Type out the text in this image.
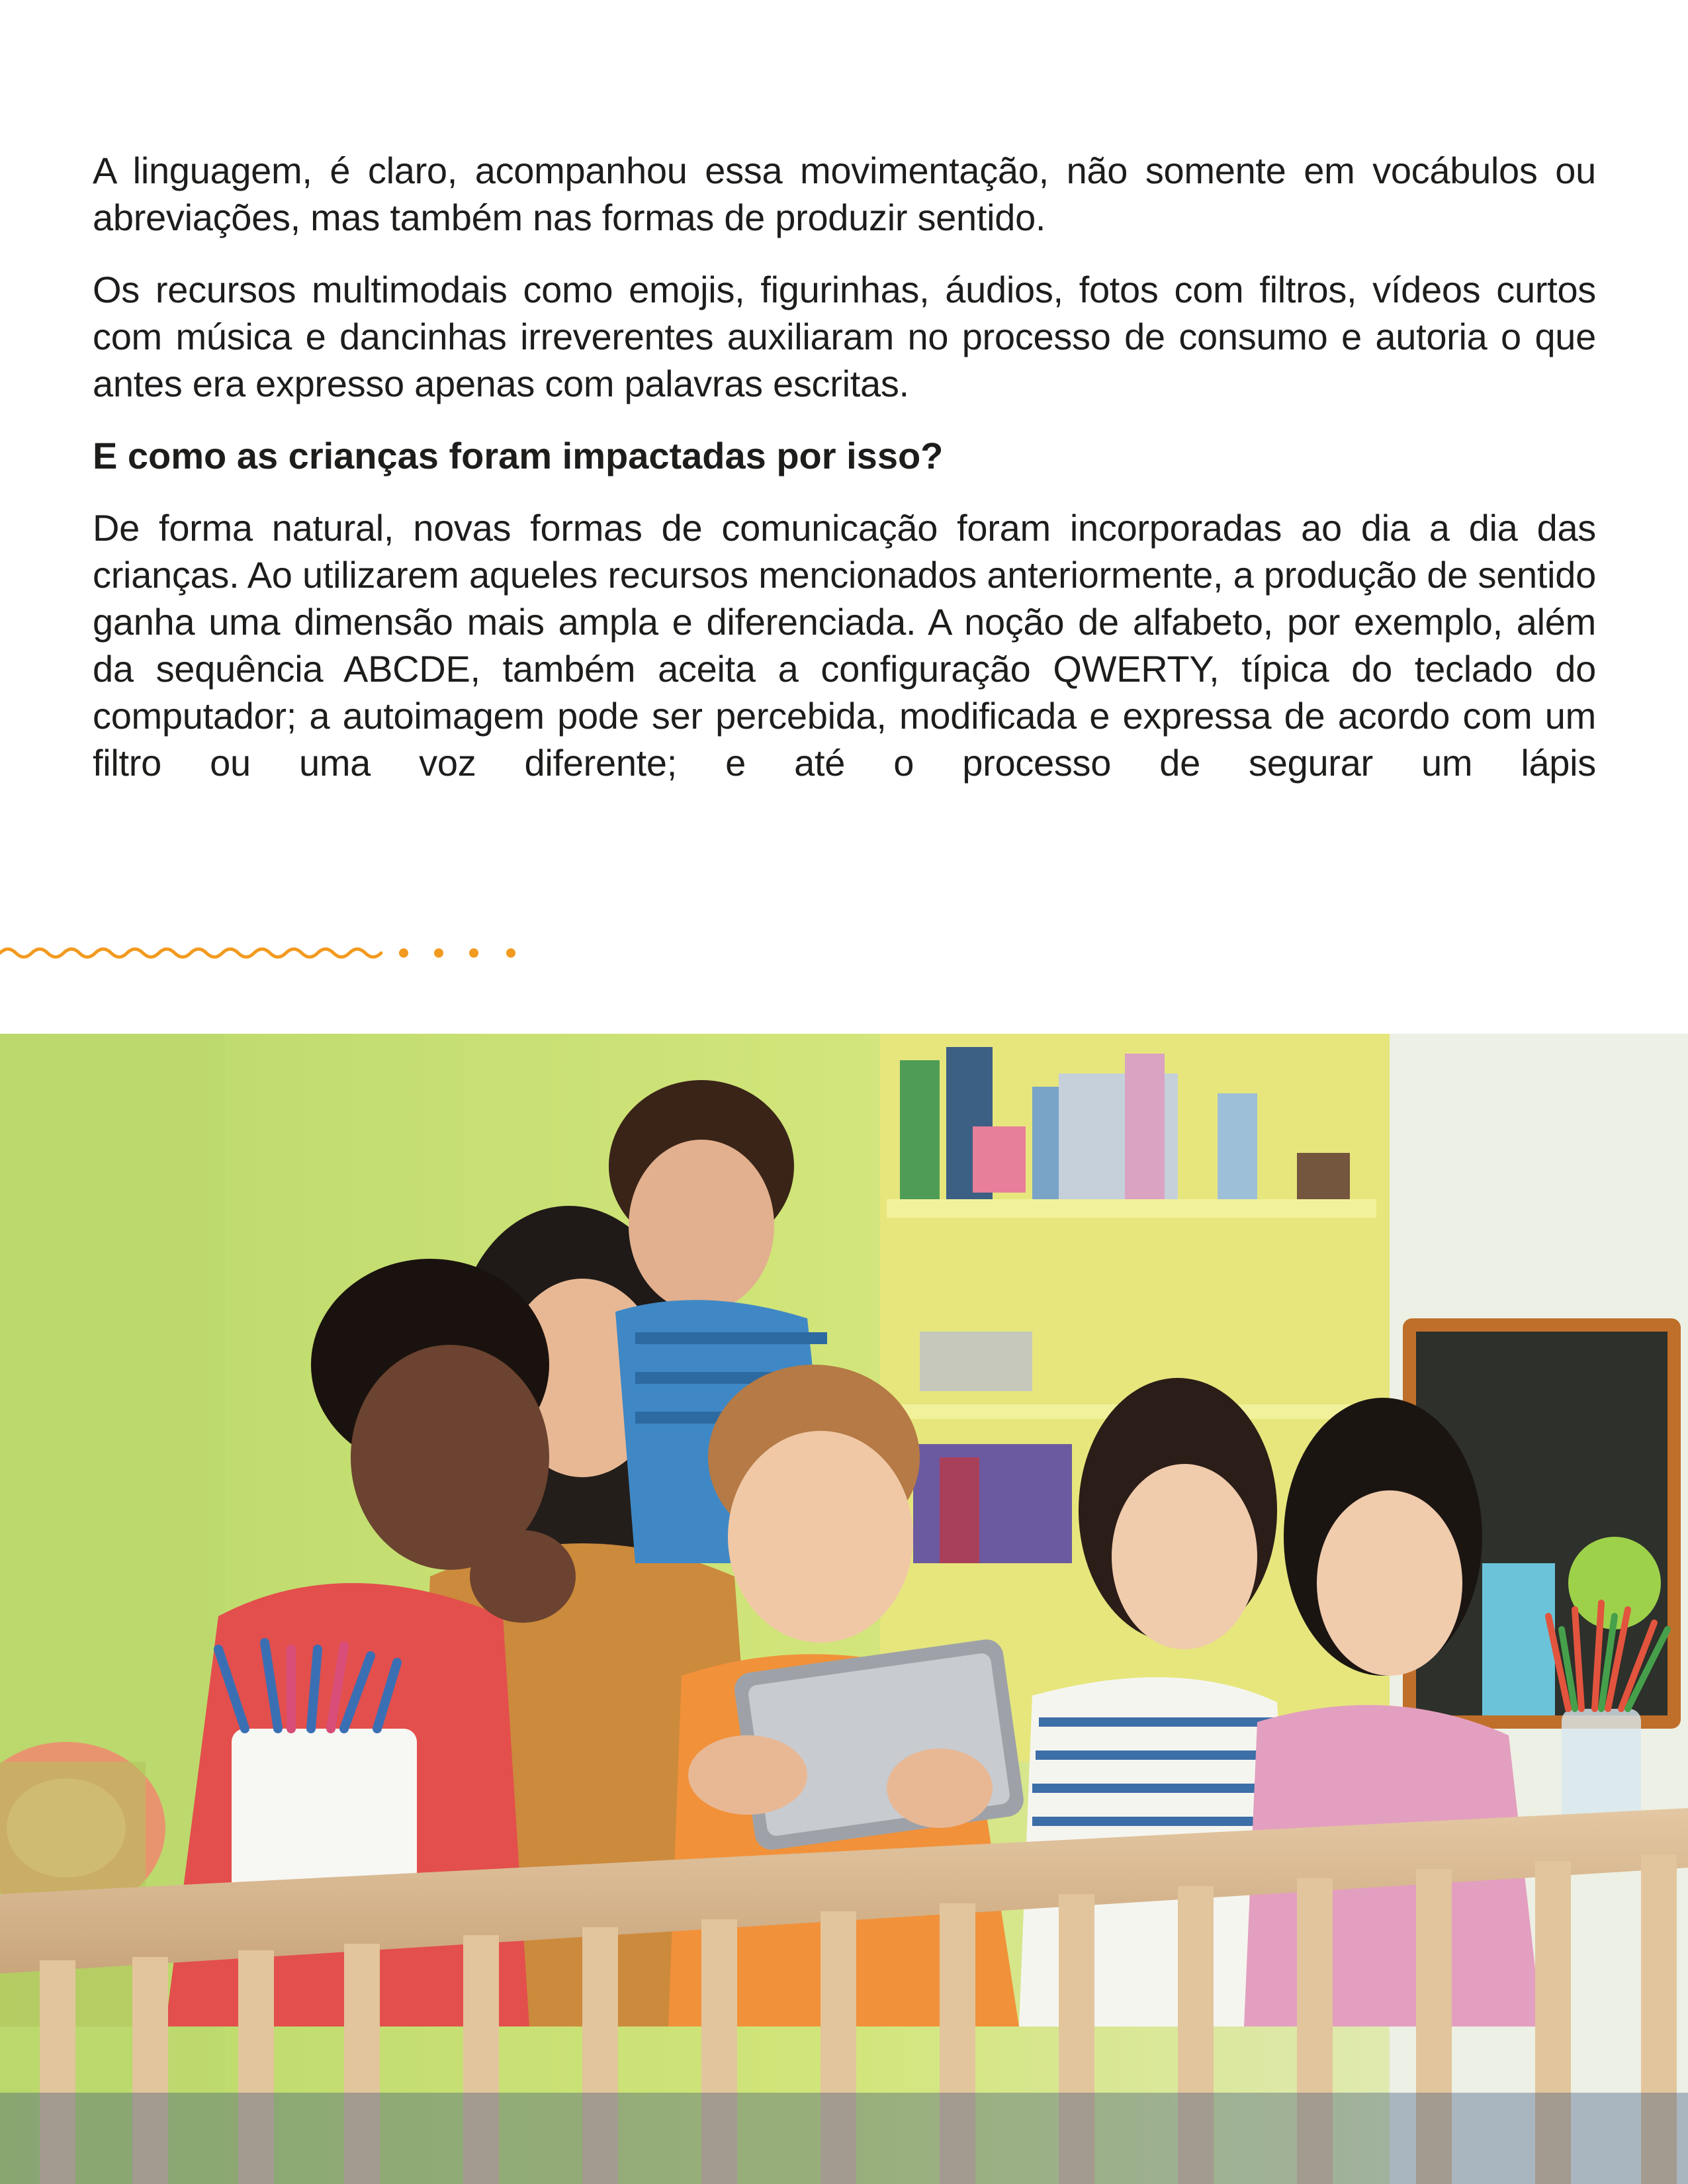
A linguagem, é claro, acompanhou essa movimentação, não somente em vocábulos ou abreviações, mas também nas formas de produzir sentido.

Os recursos multimodais como emojis, figurinhas, áudios, fotos com filtros, vídeos curtos com música e dancinhas irreverentes auxiliaram no processo de consumo e autoria o que antes era expresso apenas com palavras escritas.

E como as crianças foram impactadas por isso?

De forma natural, novas formas de comunicação foram incorporadas ao dia a dia das crianças. Ao utilizarem aqueles recursos mencionados anteriormente, a produção de sentido ganha uma dimensão mais ampla e diferenciada. A noção de alfabeto, por exemplo, além da sequência ABCDE, também aceita a configuração QWERTY, típica do teclado do computador; a autoimagem pode ser percebida, modificada e expressa de acordo com um filtro ou uma voz diferente; e até o processo de segurar um lápis
